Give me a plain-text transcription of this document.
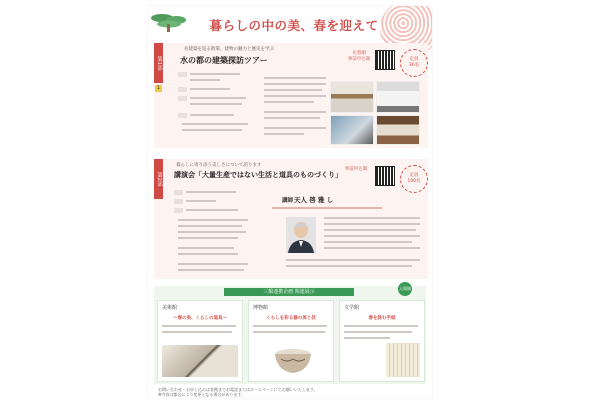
暮らしの中の美、春を迎えて
第1部
1
名建築を巡る散策、建物の魅力と歴史を学ぶ
水の都の建築探訪ツアー
先着順
事前申込制	定員
30名
第2部
暮らしに寄り添う美しさについて語ります
講演会「大量生産ではない生活と道具のものづくり」
講師 天人 啓 雅 し
事前申込制
定員
100名
三館連携企画 関連展示
美術館
～春の美、くらしの道具～
博物館
くらしを彩る器の美と技
文学館
春を詠む手紙
入場無料
お問い合わせ・お申し込みは各館までお電話またはホームページにてお願いいたします。
※内容は都合により変更となる場合があります。
